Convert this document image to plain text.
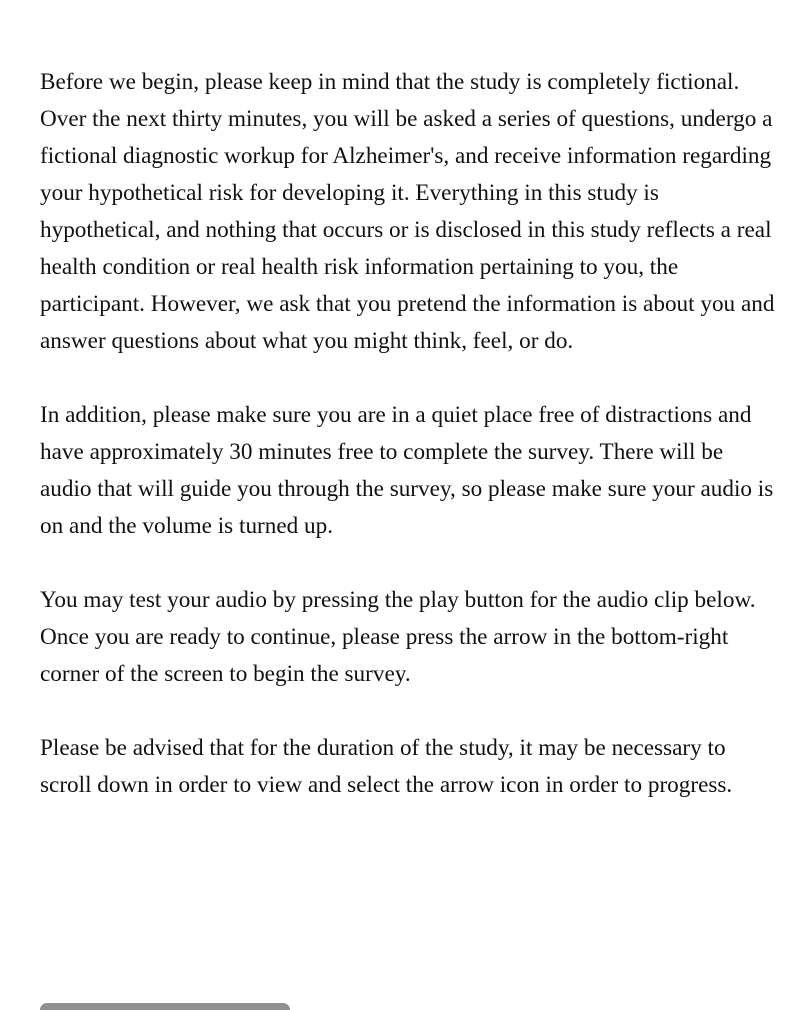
Before we begin, please keep in mind that the study is completely fictional. Over the next thirty minutes, you will be asked a series of questions, undergo a fictional diagnostic workup for Alzheimer's, and receive information regarding your hypothetical risk for developing it. Everything in this study is hypothetical, and nothing that occurs or is disclosed in this study reflects a real health condition or real health risk information pertaining to you, the participant. However, we ask that you pretend the information is about you and answer questions about what you might think, feel, or do.

In addition, please make sure you are in a quiet place free of distractions and have approximately 30 minutes free to complete the survey. There will be audio that will guide you through the survey, so please make sure your audio is on and the volume is turned up.

You may test your audio by pressing the play button for the audio clip below. Once you are ready to continue, please press the arrow in the bottom-right corner of the screen to begin the survey.

Please be advised that for the duration of the study, it may be necessary to scroll down in order to view and select the arrow icon in order to progress.
